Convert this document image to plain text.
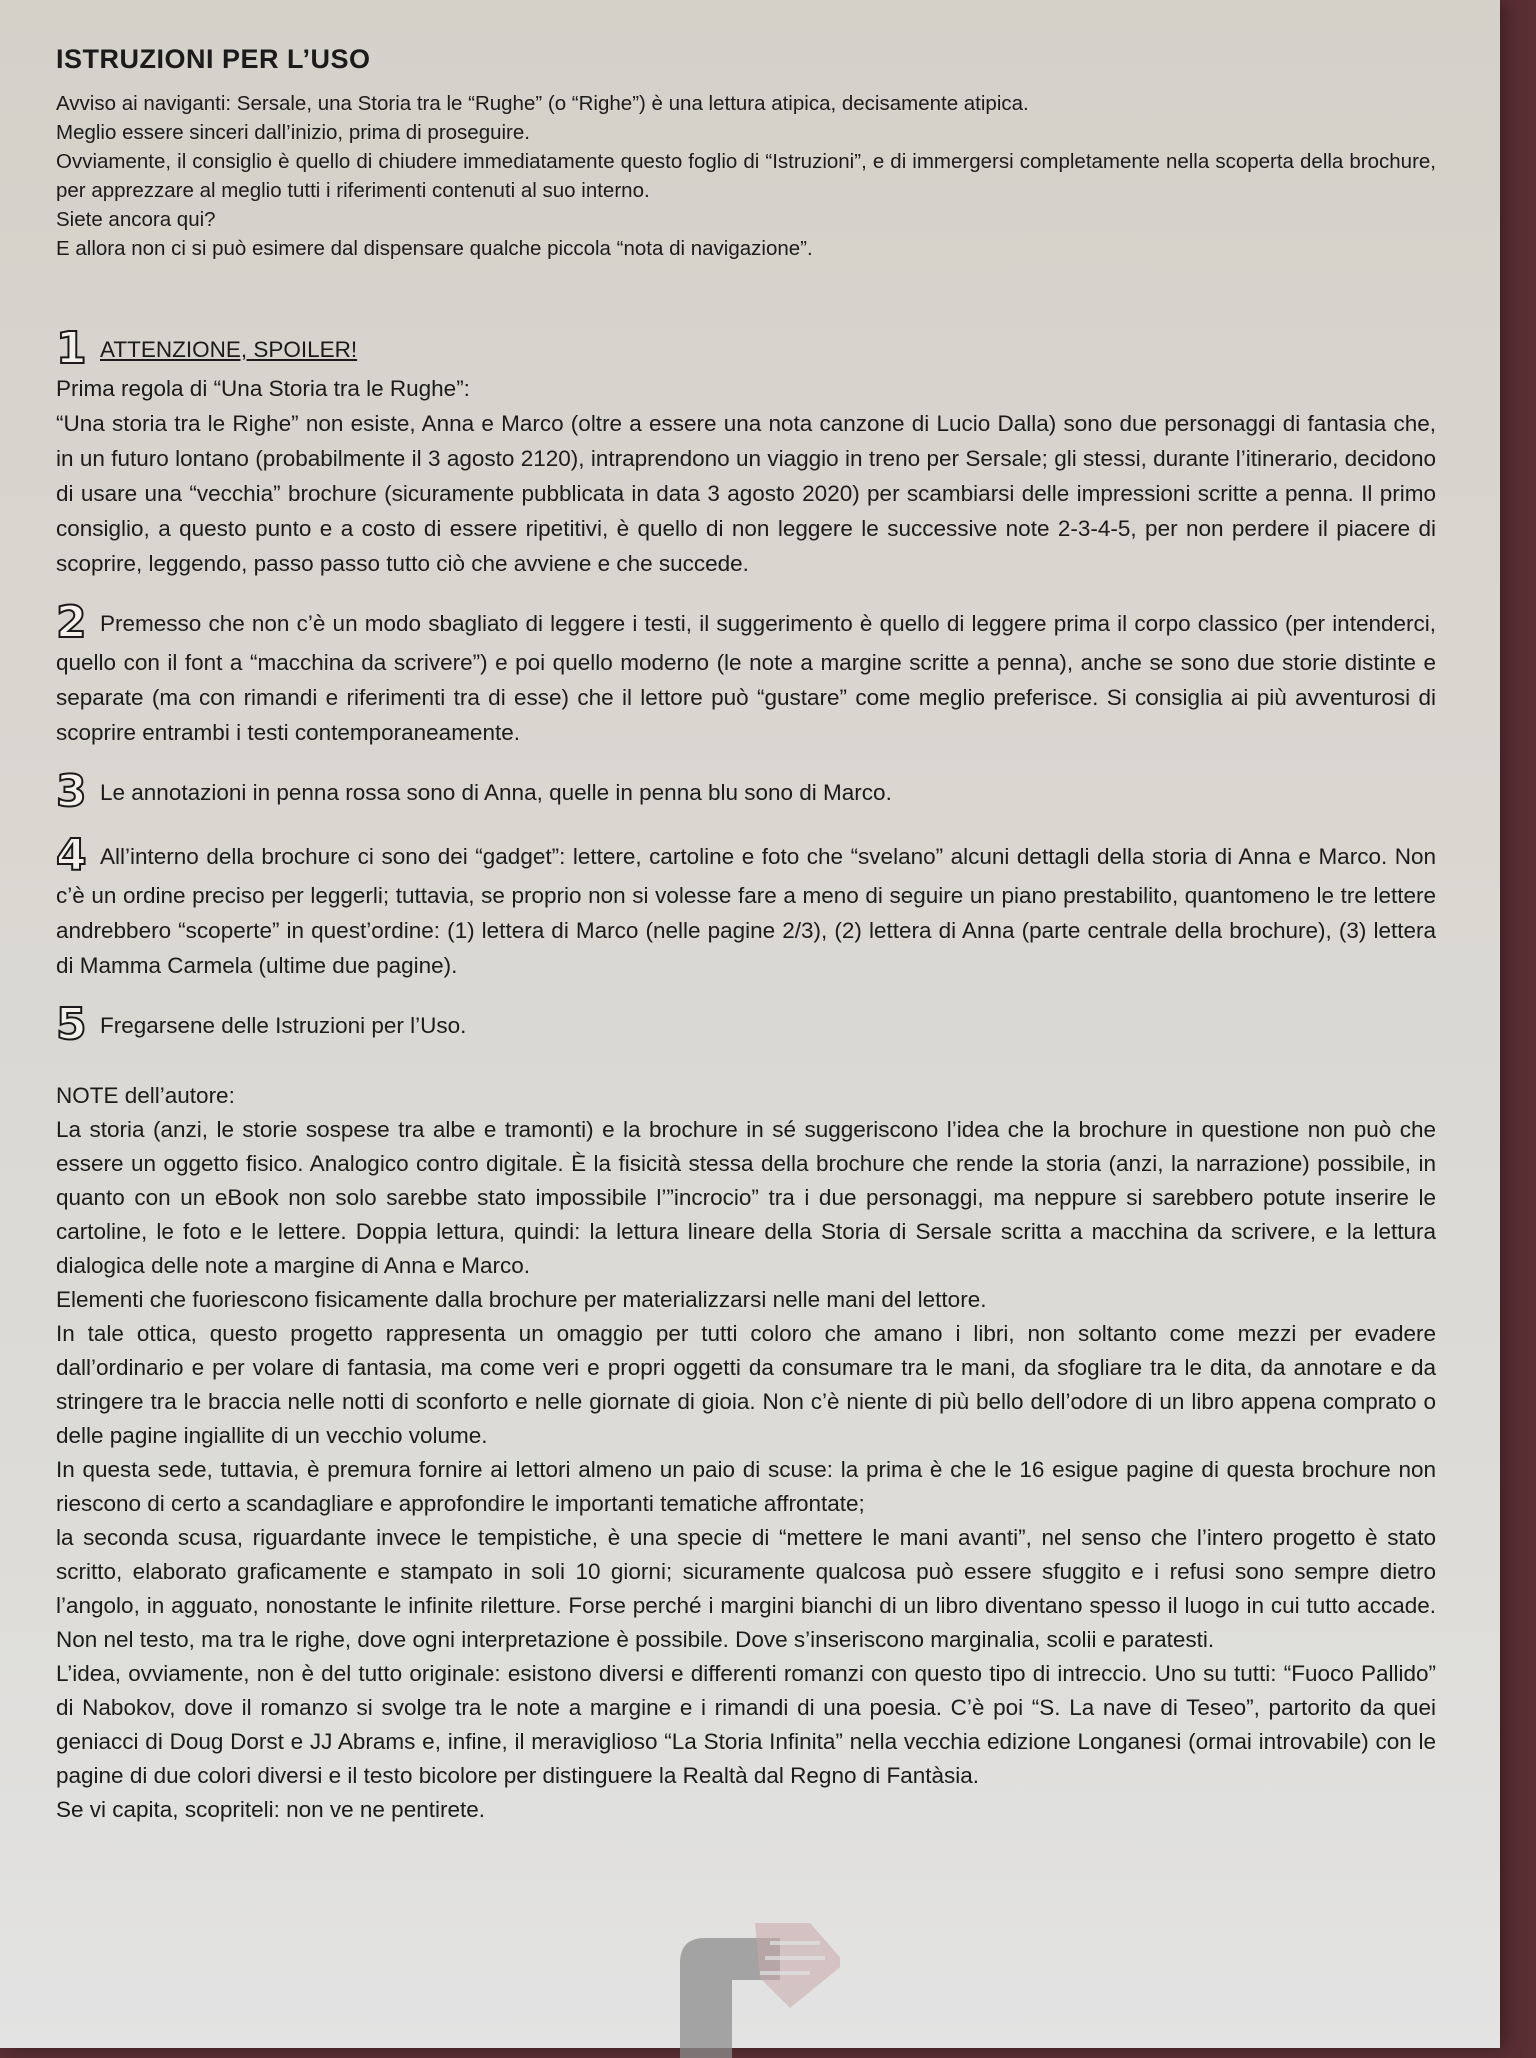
ISTRUZIONI PER L’USO

Avviso ai naviganti: Sersale, una Storia tra le “Rughe” (o “Righe”) è una lettura atipica, decisamente atipica.

Meglio essere sinceri dall’inizio, prima di proseguire.

Ovviamente, il consiglio è quello di chiudere immediatamente questo foglio di “Istruzioni”, e di immergersi completamente nella scoperta della brochure, per apprezzare al meglio tutti i riferimenti contenuti al suo interno.

Siete ancora qui?

E allora non ci si può esimere dal dispensare qualche piccola “nota di navigazione”.

1 ATTENZIONE, SPOILER!

Prima regola di “Una Storia tra le Rughe”:

“Una storia tra le Righe” non esiste, Anna e Marco (oltre a essere una nota canzone di Lucio Dalla) sono due personaggi di fantasia che, in un futuro lontano (probabilmente il 3 agosto 2120), intraprendono un viaggio in treno per Sersale; gli stessi, durante l’itinerario, decidono di usare una “vecchia” brochure (sicuramente pubblicata in data 3 agosto 2020) per scambiarsi delle impressioni scritte a penna. Il primo consiglio, a questo punto e a costo di essere ripetitivi, è quello di non leggere le successive note 2-3-4-5, per non perdere il piacere di scoprire, leggendo, passo passo tutto ciò che avviene e che succede.

2 Premesso che non c’è un modo sbagliato di leggere i testi, il suggerimento è quello di leggere prima il corpo classico (per intenderci, quello con il font a “macchina da scrivere”) e poi quello moderno (le note a margine scritte a penna), anche se sono due storie distinte e separate (ma con rimandi e riferimenti tra di esse) che il lettore può “gustare” come meglio preferisce. Si consiglia ai più avventurosi di scoprire entrambi i testi contemporaneamente.

3 Le annotazioni in penna rossa sono di Anna, quelle in penna blu sono di Marco.

4 All’interno della brochure ci sono dei “gadget”: lettere, cartoline e foto che “svelano” alcuni dettagli della storia di Anna e Marco. Non c’è un ordine preciso per leggerli; tuttavia, se proprio non si volesse fare a meno di seguire un piano prestabilito, quantomeno le tre lettere andrebbero “scoperte” in quest’ordine: (1) lettera di Marco (nelle pagine 2/3), (2) lettera di Anna (parte centrale della brochure), (3) lettera di Mamma Carmela (ultime due pagine).

5 Fregarsene delle Istruzioni per l’Uso.

NOTE dell’autore:

La storia (anzi, le storie sospese tra albe e tramonti) e la brochure in sé suggeriscono l’idea che la brochure in questione non può che essere un oggetto fisico. Analogico contro digitale. È la fisicità stessa della brochure che rende la storia (anzi, la narrazione) possibile, in quanto con un eBook non solo sarebbe stato impossibile l’”incrocio” tra i due personaggi, ma neppure si sarebbero potute inserire le cartoline, le foto e le lettere. Doppia lettura, quindi: la lettura lineare della Storia di Sersale scritta a macchina da scrivere, e la lettura dialogica delle note a margine di Anna e Marco.

Elementi che fuoriescono fisicamente dalla brochure per materializzarsi nelle mani del lettore.

In tale ottica, questo progetto rappresenta un omaggio per tutti coloro che amano i libri, non soltanto come mezzi per evadere dall’ordinario e per volare di fantasia, ma come veri e propri oggetti da consumare tra le mani, da sfogliare tra le dita, da annotare e da stringere tra le braccia nelle notti di sconforto e nelle giornate di gioia. Non c’è niente di più bello dell’odore di un libro appena comprato o delle pagine ingiallite di un vecchio volume.

In questa sede, tuttavia, è premura fornire ai lettori almeno un paio di scuse: la prima è che le 16 esigue pagine di questa brochure non riescono di certo a scandagliare e approfondire le importanti tematiche affrontate;

la seconda scusa, riguardante invece le tempistiche, è una specie di “mettere le mani avanti”, nel senso che l’intero progetto è stato scritto, elaborato graficamente e stampato in soli 10 giorni; sicuramente qualcosa può essere sfuggito e i refusi sono sempre dietro l’angolo, in agguato, nonostante le infinite riletture. Forse perché i margini bianchi di un libro diventano spesso il luogo in cui tutto accade. Non nel testo, ma tra le righe, dove ogni interpretazione è possibile. Dove s’inseriscono marginalia, scolii e paratesti.

L’idea, ovviamente, non è del tutto originale: esistono diversi e differenti romanzi con questo tipo di intreccio. Uno su tutti: “Fuoco Pallido” di Nabokov, dove il romanzo si svolge tra le note a margine e i rimandi di una poesia. C’è poi “S. La nave di Teseo”, partorito da quei geniacci di Doug Dorst e JJ Abrams e, infine, il meraviglioso “La Storia Infinita” nella vecchia edizione Longanesi (ormai introvabile) con le pagine di due colori diversi e il testo bicolore per distinguere la Realtà dal Regno di Fantàsia.

Se vi capita, scopriteli: non ve ne pentirete.
